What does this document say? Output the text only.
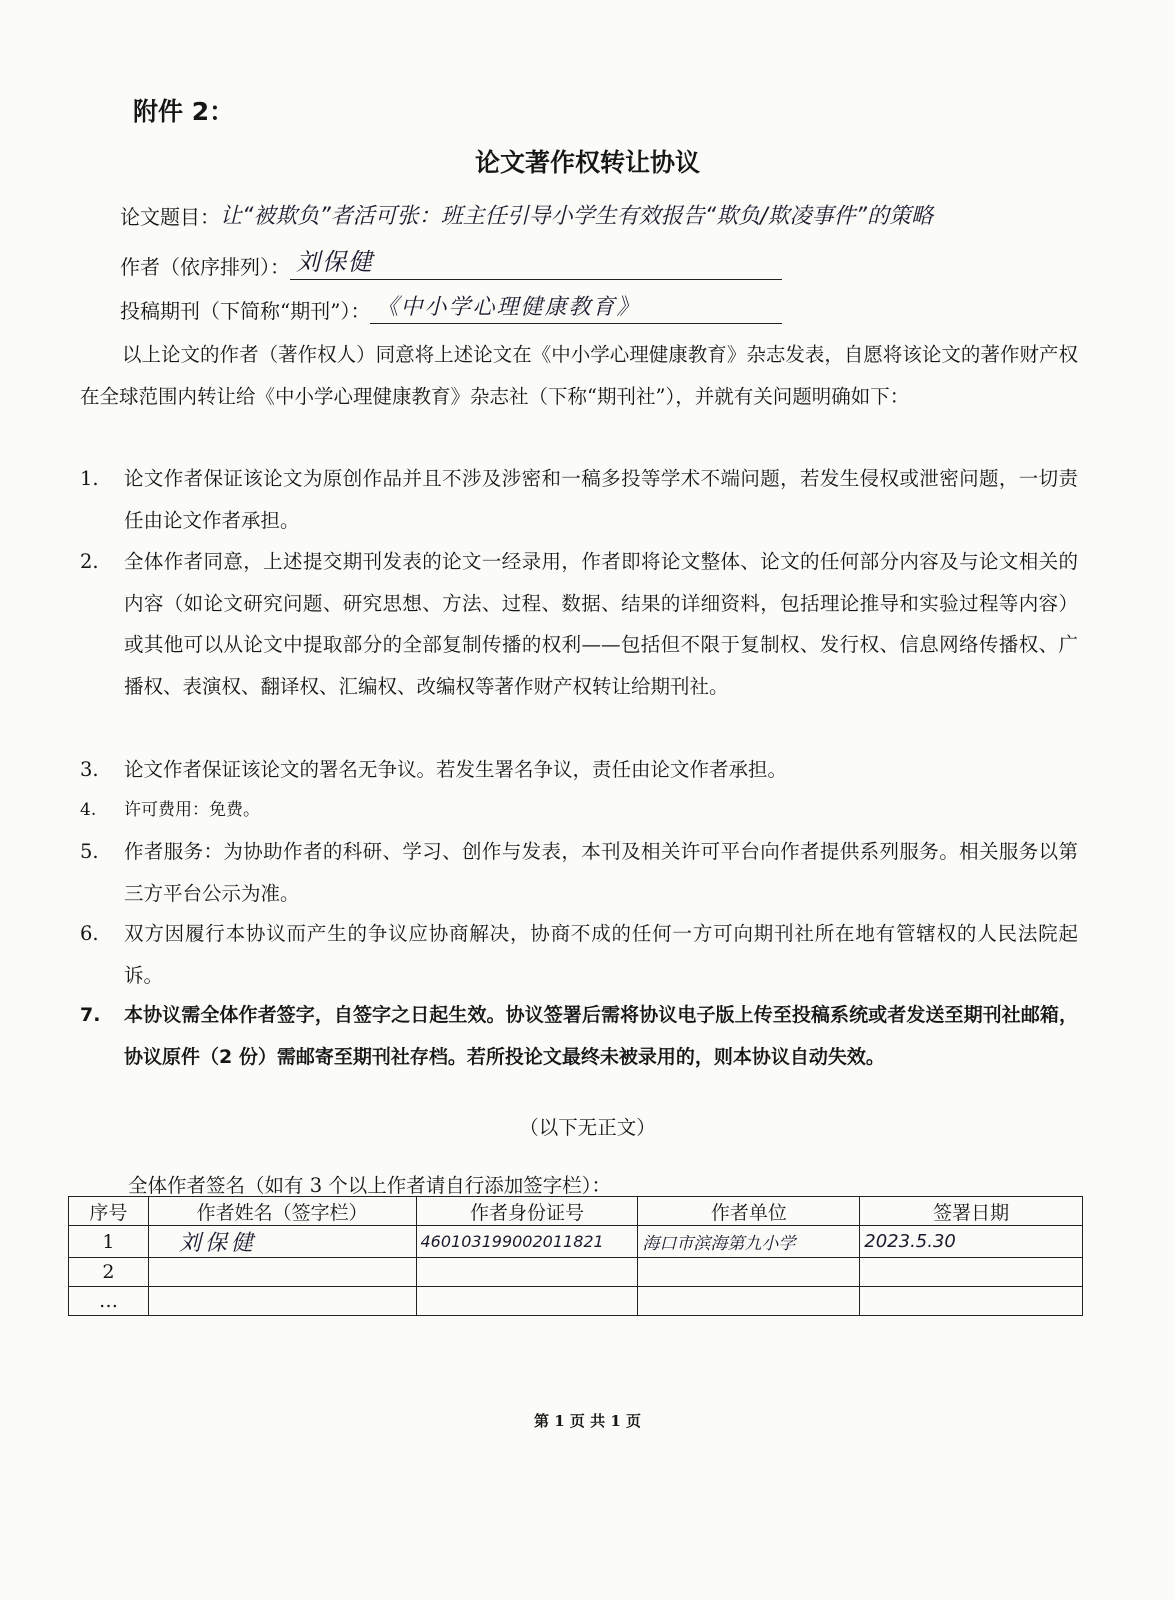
附件 2：
论文著作权转让协议
论文题目： 让“被欺负”者活可张：班主任引导小学生有效报告“欺负/欺凌事件”的策略
作者（依序排列）： 刘保健
投稿期刊（下简称“期刊”）： 《中小学心理健康教育》
以上论文的作者（著作权人）同意将上述论文在《中小学心理健康教育》杂志发表，自愿将该论文的著作财产权在全球范围内转让给《中小学心理健康教育》杂志社（下称“期刊社”），并就有关问题明确如下：
1.	论文作者保证该论文为原创作品并且不涉及涉密和一稿多投等学术不端问题，若发生侵权或泄密问题，一切责任由论文作者承担。
2.	全体作者同意，上述提交期刊发表的论文一经录用，作者即将论文整体、论文的任何部分内容及与论文相关的内容（如论文研究问题、研究思想、方法、过程、数据、结果的详细资料，包括理论推导和实验过程等内容）或其他可以从论文中提取部分的全部复制传播的权利——包括但不限于复制权、发行权、信息网络传播权、广播权、表演权、翻译权、汇编权、改编权等著作财产权转让给期刊社。
3.	论文作者保证该论文的署名无争议。若发生署名争议，责任由论文作者承担。
4.	许可费用：免费。
5.	作者服务：为协助作者的科研、学习、创作与发表，本刊及相关许可平台向作者提供系列服务。相关服务以第三方平台公示为准。
6.	双方因履行本协议而产生的争议应协商解决，协商不成的任何一方可向期刊社所在地有管辖权的人民法院起诉。
7.	本协议需全体作者签字，自签字之日起生效。协议签署后需将协议电子版上传至投稿系统或者发送至期刊社邮箱，协议原件（2 份）需邮寄至期刊社存档。若所投论文最终未被录用的，则本协议自动失效。
（以下无正文）
全体作者签名（如有 3 个以上作者请自行添加签字栏）：
序号	作者姓名（签字栏）	作者身份证号	作者单位	签署日期
1	刘保健	460103199002011821	海口市滨海第九小学	2023.5.30
2				
…				
第 1 页 共 1 页
